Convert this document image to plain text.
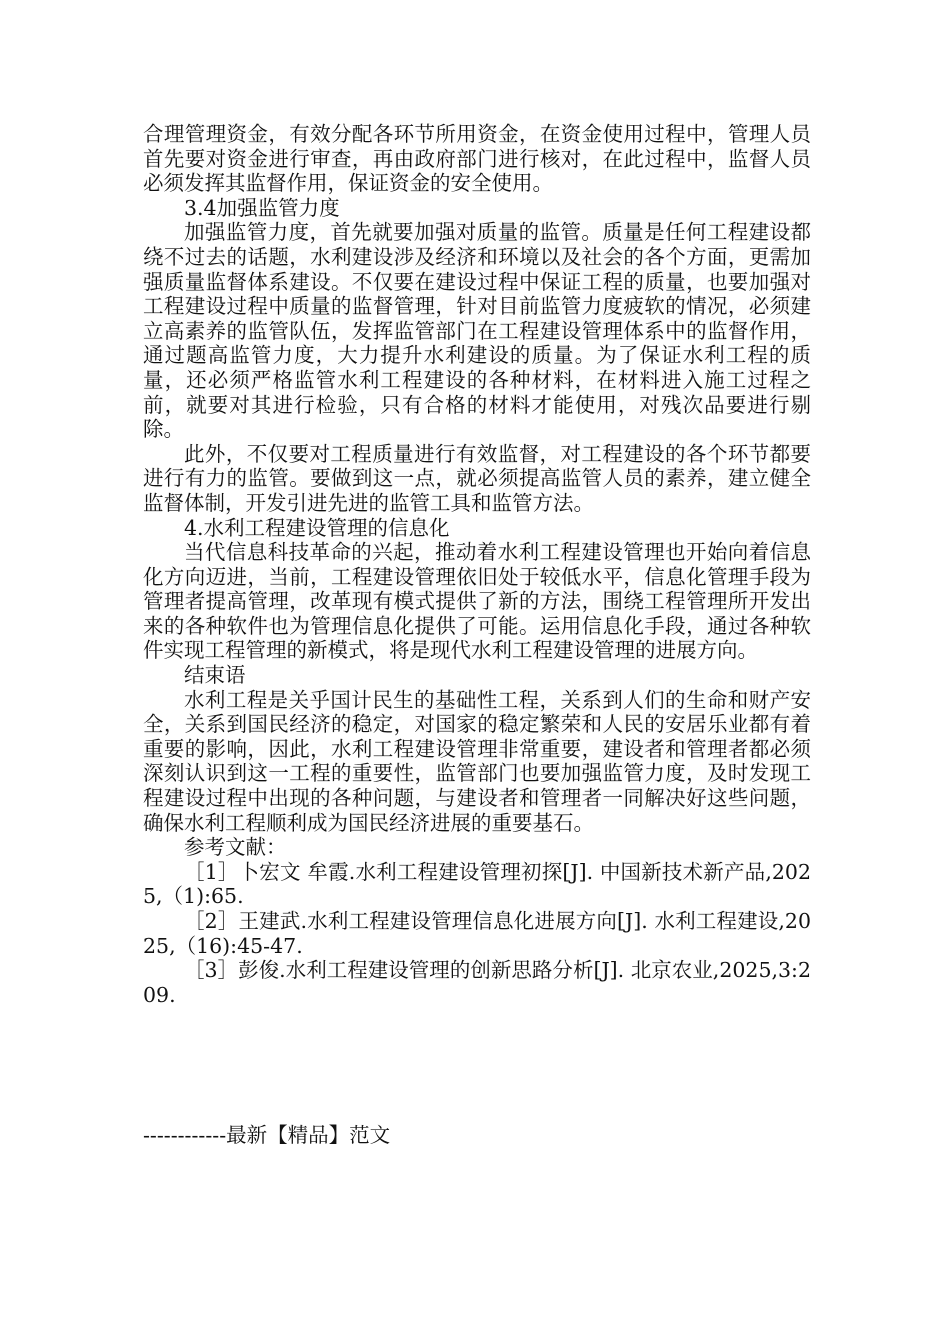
合理管理资金，有效分配各环节所用资金，在资金使用过程中，管理人员首先要对资金进行审查，再由政府部门进行核对，在此过程中，监督人员必须发挥其监督作用，保证资金的安全使用。

3.4加强监管力度

加强监管力度，首先就要加强对质量的监管。质量是任何工程建设都绕不过去的话题，水利建设涉及经济和环境以及社会的各个方面，更需加强质量监督体系建设。不仅要在建设过程中保证工程的质量，也要加强对工程建设过程中质量的监督管理，针对目前监管力度疲软的情况，必须建立高素养的监管队伍，发挥监管部门在工程建设管理体系中的监督作用，通过题高监管力度，大力提升水利建设的质量。为了保证水利工程的质量，还必须严格监管水利工程建设的各种材料，在材料进入施工过程之前，就要对其进行检验，只有合格的材料才能使用，对残次品要进行剔除。

此外，不仅要对工程质量进行有效监督，对工程建设的各个环节都要进行有力的监管。要做到这一点，就必须提高监管人员的素养，建立健全监督体制，开发引进先进的监管工具和监管方法。

4.水利工程建设管理的信息化

当代信息科技革命的兴起，推动着水利工程建设管理也开始向着信息化方向迈进，当前，工程建设管理依旧处于较低水平，信息化管理手段为管理者提高管理，改革现有模式提供了新的方法，围绕工程管理所开发出来的各种软件也为管理信息化提供了可能。运用信息化手段，通过各种软件实现工程管理的新模式，将是现代水利工程建设管理的进展方向。

结束语

水利工程是关乎国计民生的基础性工程，关系到人们的生命和财产安全，关系到国民经济的稳定，对国家的稳定繁荣和人民的安居乐业都有着重要的影响，因此，水利工程建设管理非常重要，建设者和管理者都必须深刻认识到这一工程的重要性，监管部门也要加强监管力度，及时发现工程建设过程中出现的各种问题，与建设者和管理者一同解决好这些问题，确保水利工程顺利成为国民经济进展的重要基石。

参考文献：

［1］卜宏文 牟霞.水利工程建设管理初探[J]. 中国新技术新产品,2025,（1):65.

［2］王建武.水利工程建设管理信息化进展方向[J]. 水利工程建设,2025,（16):45-47.

［3］彭俊.水利工程建设管理的创新思路分析[J]. 北京农业,2025,3:209.

------------最新【精品】范文
